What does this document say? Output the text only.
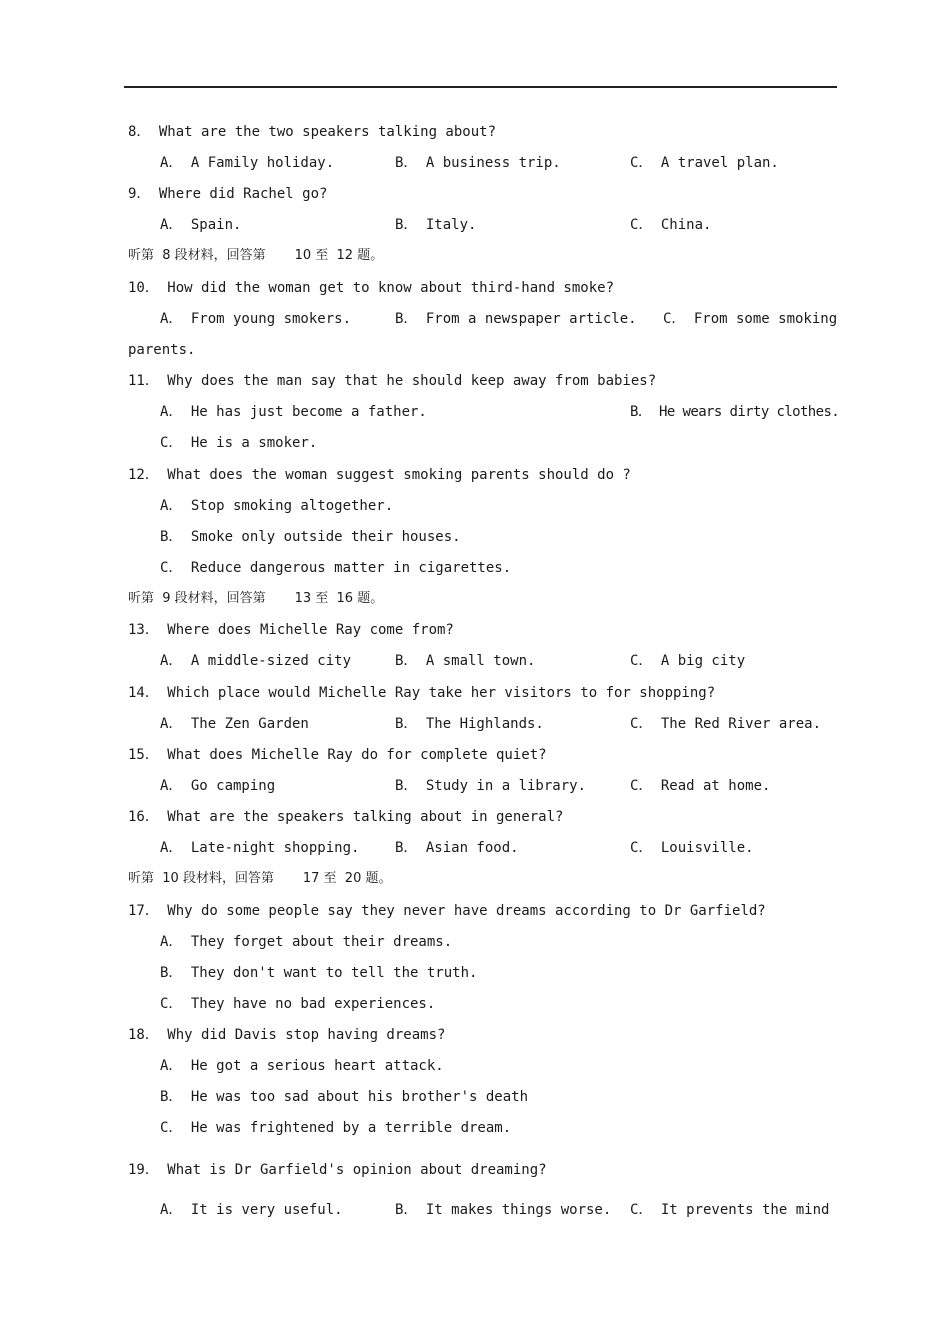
8． What are the two speakers talking about?
A． A Family holiday.	B． A business trip.	C． A travel plan.
9． Where did Rachel go?
A． Spain.	B． Italy.	C． China.
听第  8 段材料，回答第       10 至  12 题。
10． How did the woman get to know about third-hand smoke?
A． From young smokers.	B． From a newspaper article. C． From some smoking
parents.
11． Why does the man say that he should keep away from babies?
A． He has just become a father.	B． He wears dirty clothes.
C． He is a smoker.
12． What does the woman suggest smoking parents should do ?
A． Stop smoking altogether.
B． Smoke only outside their houses.
C． Reduce dangerous matter in cigarettes.
听第  9 段材料，回答第       13 至  16 题。
13． Where does Michelle Ray come from?
A． A middle-sized city	B． A small town.	C． A big city
14． Which place would Michelle Ray take her visitors to for shopping?
A． The Zen Garden	B． The Highlands.	C． The Red River area.
15． What does Michelle Ray do for complete quiet?
A． Go camping	B． Study in a library.	C． Read at home.
16． What are the speakers talking about in general?
A． Late-night shopping.	B． Asian food.	C． Louisville.
听第  10 段材料，回答第       17 至  20 题。
17． Why do some people say they never have dreams according to Dr Garfield?
A． They forget about their dreams.
B． They don't want to tell the truth.
C． They have no bad experiences.
18． Why did Davis stop having dreams?
A． He got a serious heart attack.
B． He was too sad about his brother's death
C． He was frightened by a terrible dream.
19． What is Dr Garfield's opinion about dreaming?
A． It is very useful.	B． It makes things worse. C． It prevents the mind
